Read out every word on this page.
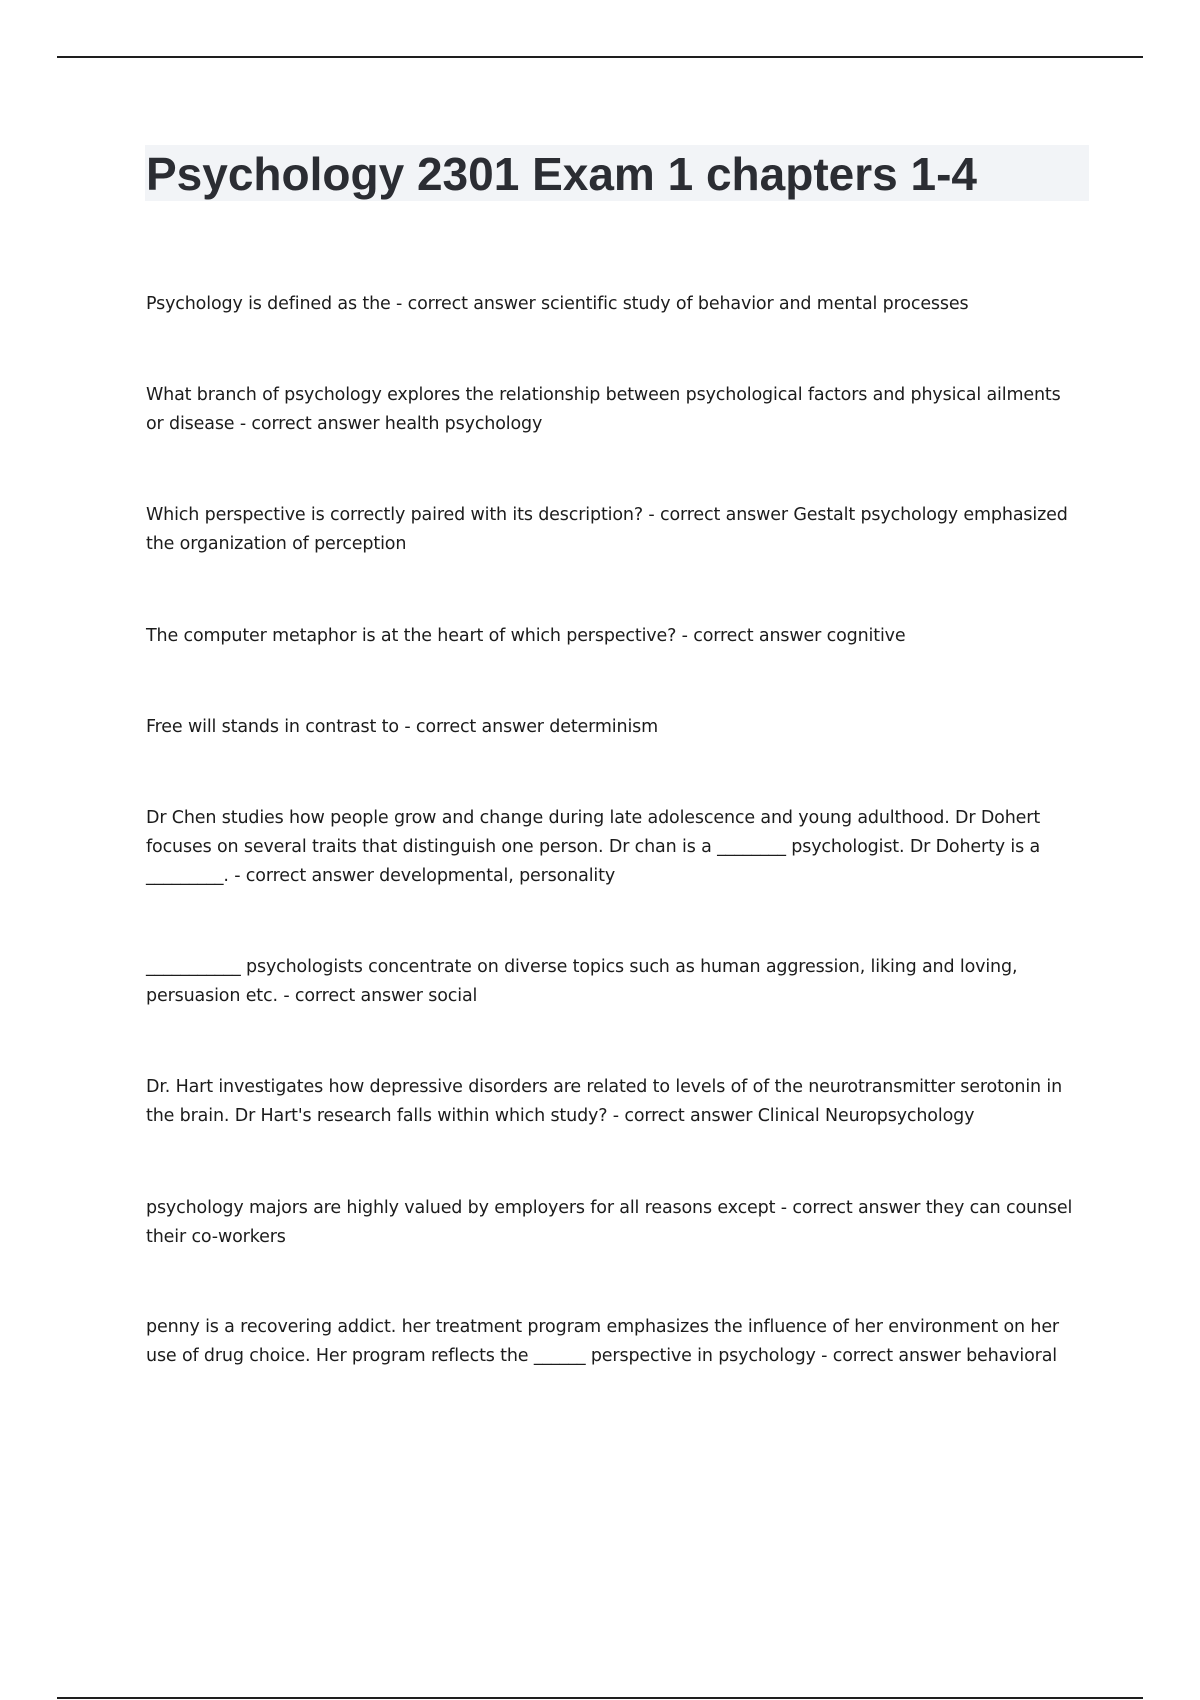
Psychology 2301 Exam 1 chapters 1-4

Psychology is defined as the - correct answer scientific study of behavior and mental processes

What branch of psychology explores the relationship between psychological factors and physical ailments or disease - correct answer health psychology

Which perspective is correctly paired with its description? - correct answer Gestalt psychology emphasized the organization of perception

The computer metaphor is at the heart of which perspective? - correct answer cognitive

Free will stands in contrast to - correct answer determinism

Dr Chen studies how people grow and change during late adolescence and young adulthood. Dr Dohert focuses on several traits that distinguish one person. Dr chan is a ________ psychologist. Dr Doherty is a _________. - correct answer developmental, personality

___________ psychologists concentrate on diverse topics such as human aggression, liking and loving, persuasion etc. - correct answer social

Dr. Hart investigates how depressive disorders are related to levels of of the neurotransmitter serotonin in the brain. Dr Hart's research falls within which study? - correct answer Clinical Neuropsychology

psychology majors are highly valued by employers for all reasons except - correct answer they can counsel their co-workers

penny is a recovering addict. her treatment program emphasizes the influence of her environment on her use of drug choice. Her program reflects the ______ perspective in psychology - correct answer behavioral
